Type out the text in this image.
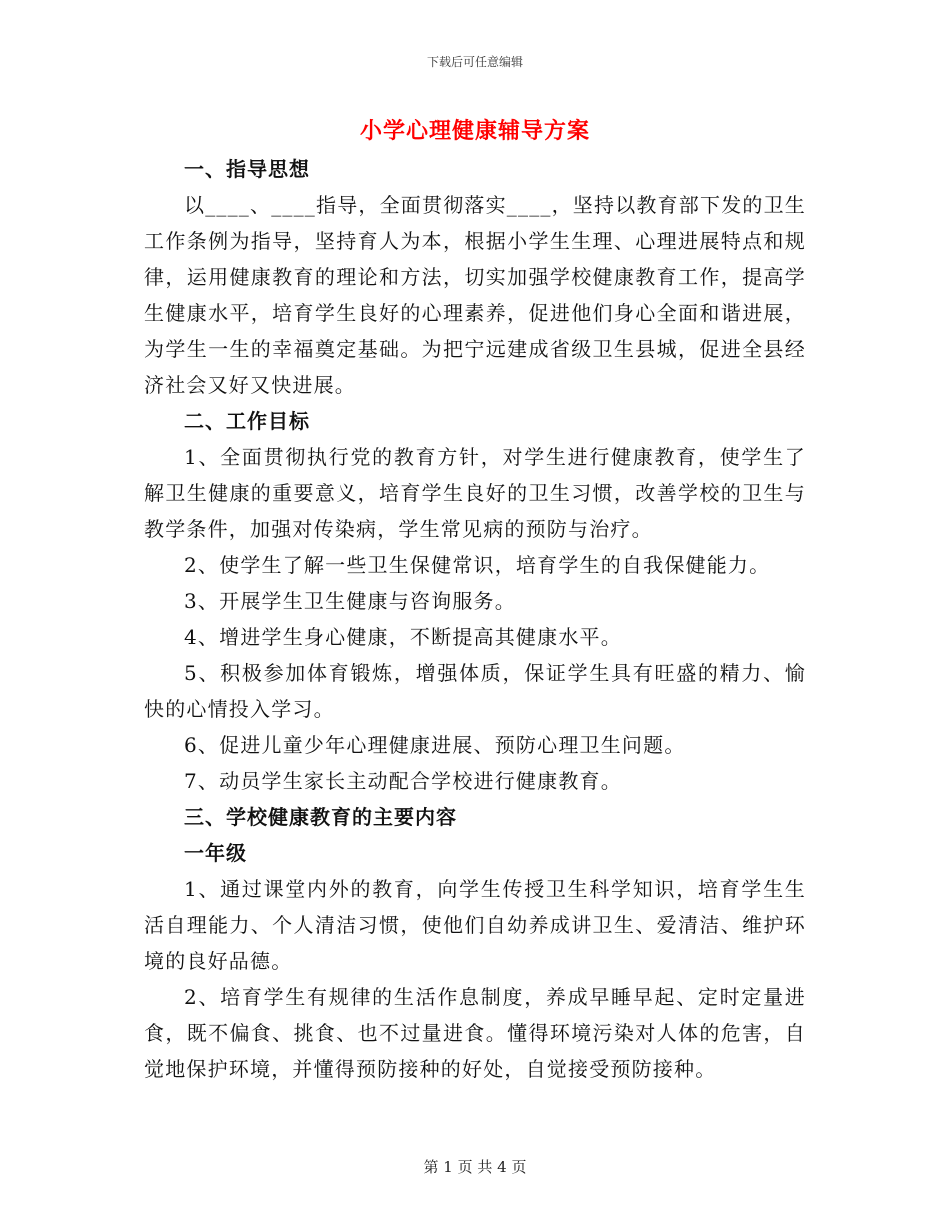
下载后可任意编辑
小学心理健康辅导方案

一、指导思想

以____、____指导，全面贯彻落实____，坚持以教育部下发的卫生工作条例为指导，坚持育人为本，根据小学生生理、心理进展特点和规律，运用健康教育的理论和方法，切实加强学校健康教育工作，提高学生健康水平，培育学生良好的心理素养，促进他们身心全面和谐进展，为学生一生的幸福奠定基础。为把宁远建成省级卫生县城，促进全县经济社会又好又快进展。

二、工作目标

1、全面贯彻执行党的教育方针，对学生进行健康教育，使学生了解卫生健康的重要意义，培育学生良好的卫生习惯，改善学校的卫生与教学条件，加强对传染病，学生常见病的预防与治疗。

2、使学生了解一些卫生保健常识，培育学生的自我保健能力。

3、开展学生卫生健康与咨询服务。

4、增进学生身心健康，不断提高其健康水平。

5、积极参加体育锻炼，增强体质，保证学生具有旺盛的精力、愉快的心情投入学习。

6、促进儿童少年心理健康进展、预防心理卫生问题。

7、动员学生家长主动配合学校进行健康教育。

三、学校健康教育的主要内容

一年级

1、通过课堂内外的教育，向学生传授卫生科学知识，培育学生生活自理能力、个人清洁习惯，使他们自幼养成讲卫生、爱清洁、维护环境的良好品德。

2、培育学生有规律的生活作息制度，养成早睡早起、定时定量进食，既不偏食、挑食、也不过量进食。懂得环境污染对人体的危害，自觉地保护环境，并懂得预防接种的好处，自觉接受预防接种。

第 1 页 共 4 页
